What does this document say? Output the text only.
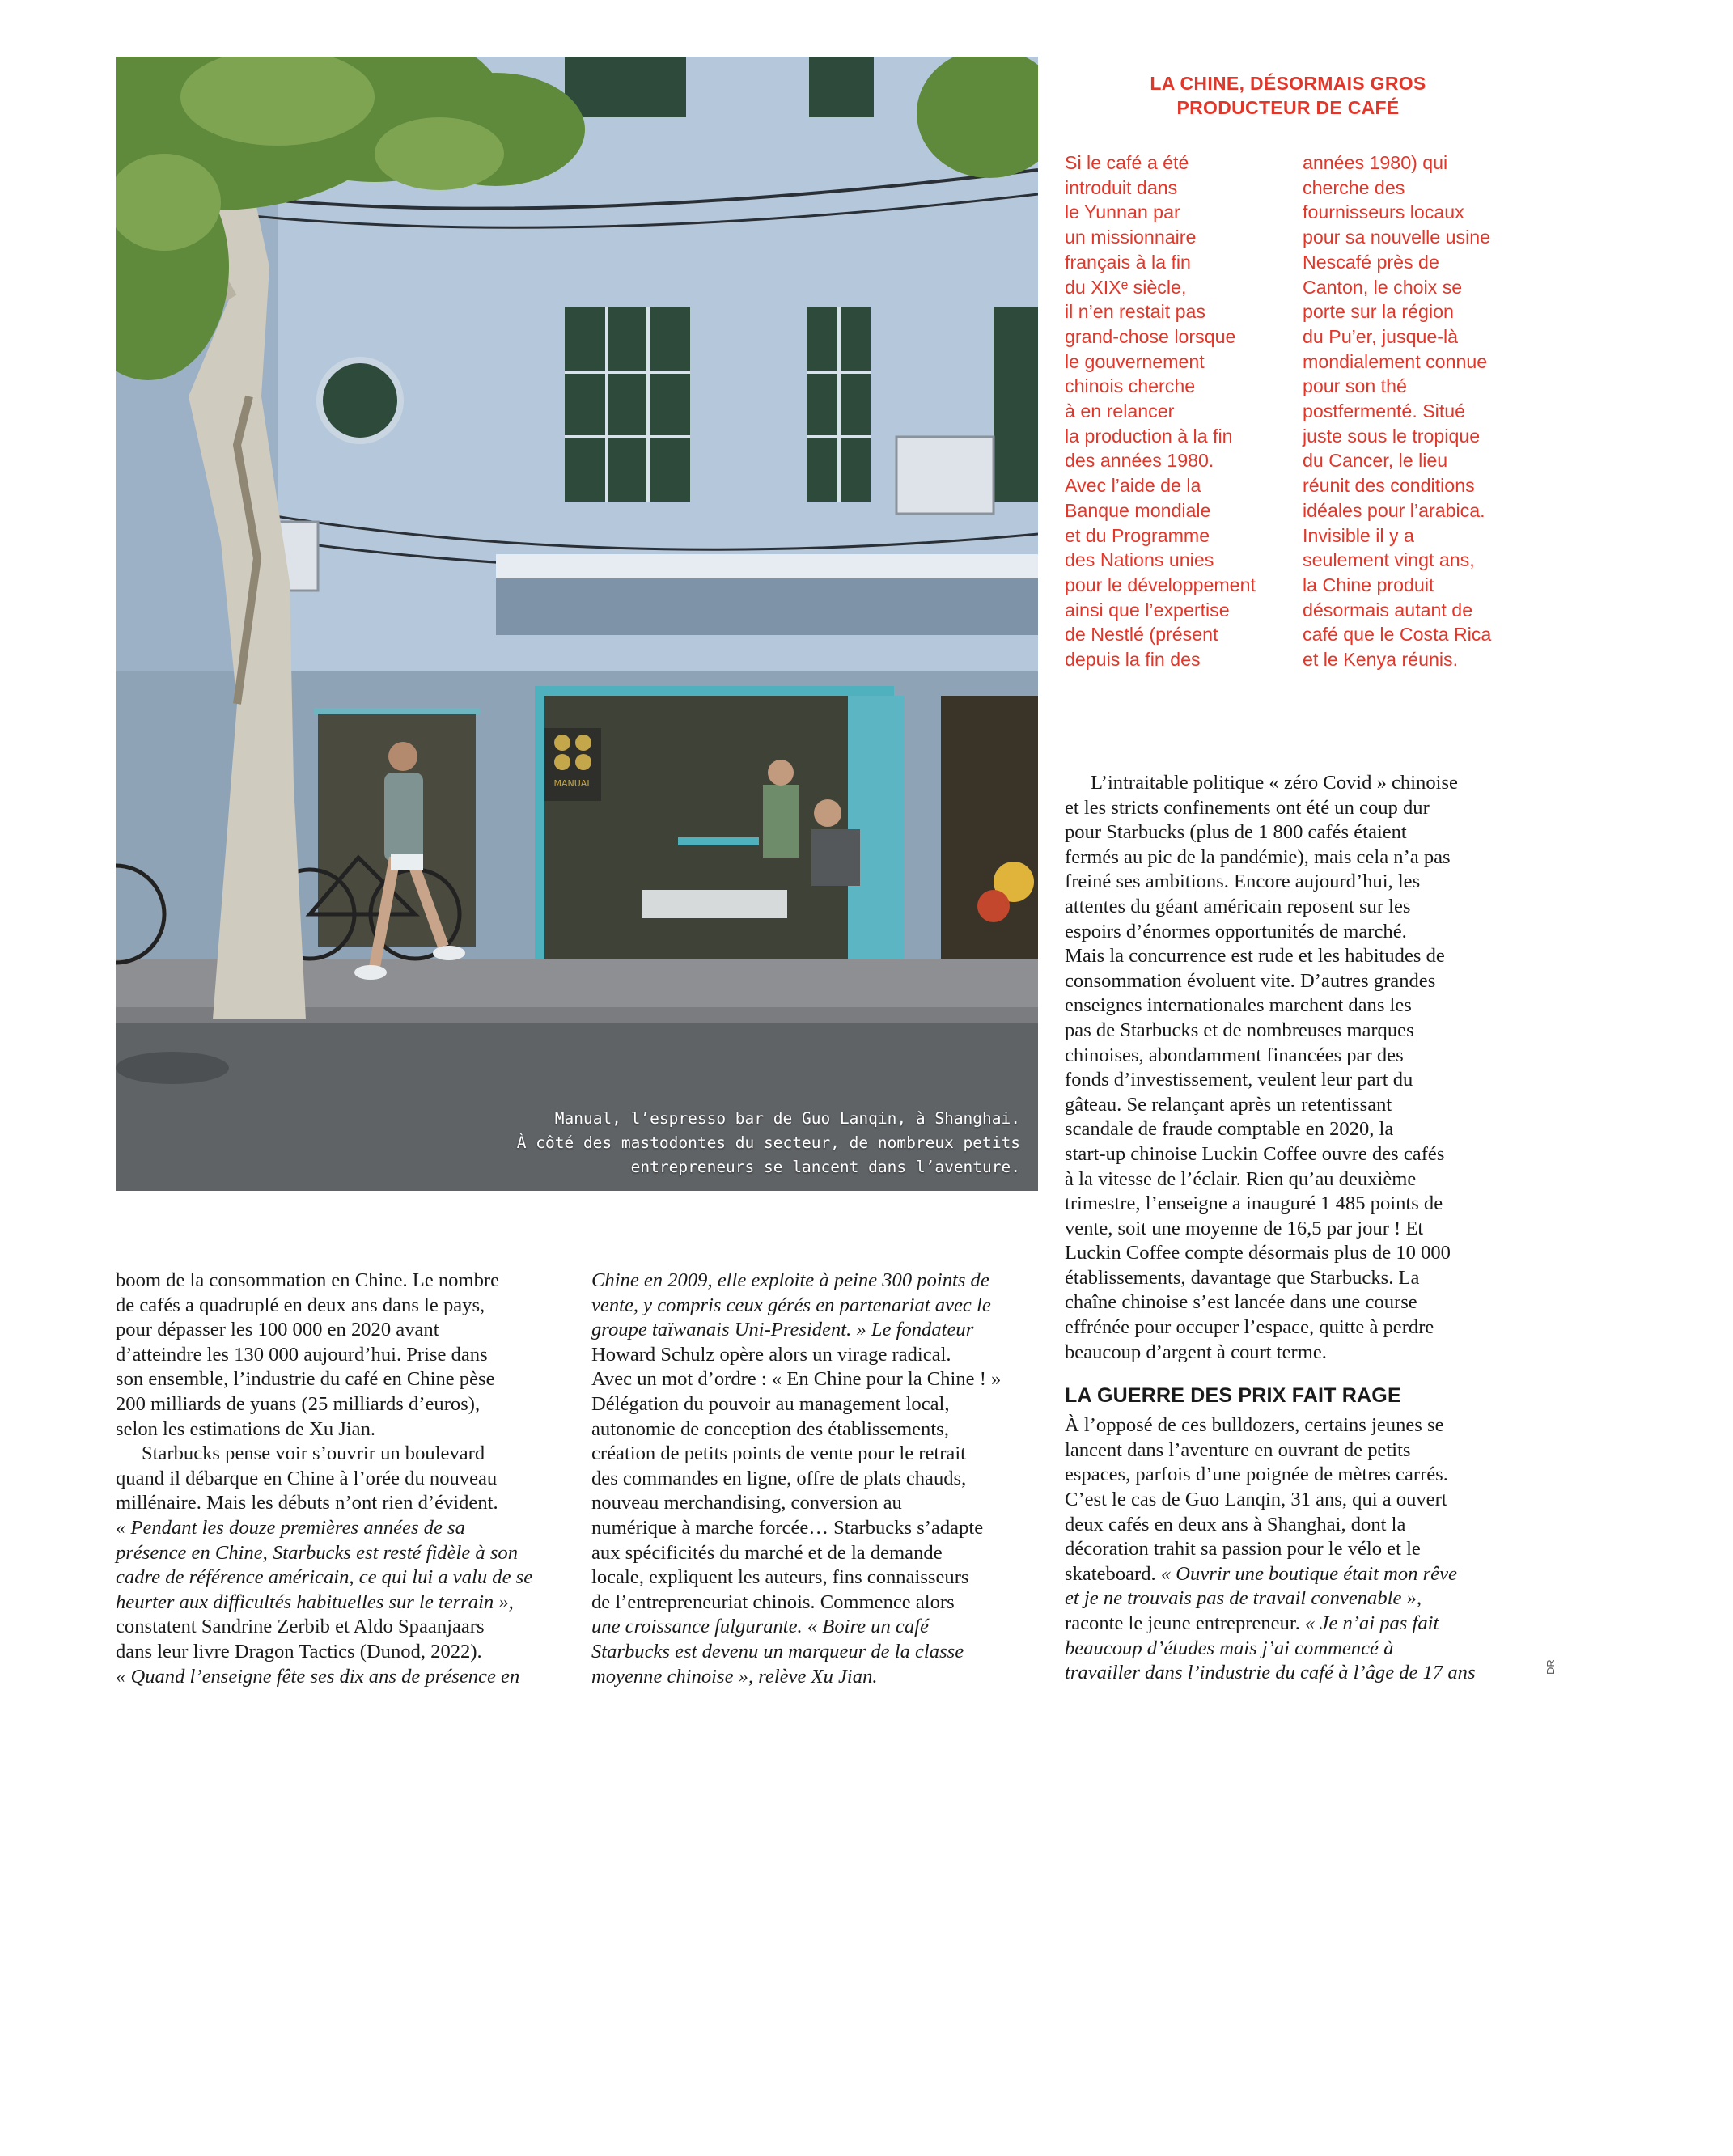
MANUAL

Manual, l’espresso bar de Guo Lanqin, à Shanghai.

À côté des mastodontes du secteur, de nombreux petits

entrepreneurs se lancent dans l’aventure.

LA CHINE, DÉSORMAIS GROS
PRODUCTEUR DE CAFÉ
Si le café a été
introduit dans
le Yunnan par
un missionnaire
français à la fin
du XIXᵉ siècle,
il n’en restait pas
grand-chose lorsque
le gouvernement
chinois cherche
à en relancer
la production à la fin
des années 1980.
Avec l’aide de la
Banque mondiale
et du Programme
des Nations unies
pour le développement
ainsi que l’expertise
de Nestlé (présent
depuis la fin des
années 1980) qui
cherche des
fournisseurs locaux
pour sa nouvelle usine
Nescafé près de
Canton, le choix se
porte sur la région
du Pu’er, jusque-là
mondialement connue
pour son thé
postfermenté. Situé
juste sous le tropique
du Cancer, le lieu
réunit des conditions
idéales pour l’arabica.
Invisible il y a
seulement vingt ans,
la Chine produit
désormais autant de
café que le Costa Rica
et le Kenya réunis.
boom de la consommation en Chine. Le nombre
de cafés a quadruplé en deux ans dans le pays,
pour dépasser les 100 000 en 2020 avant
d’atteindre les 130 000 aujourd’hui. Prise dans
son ensemble, l’industrie du café en Chine pèse
200 milliards de yuans (25 milliards d’euros),
selon les estimations de Xu Jian.
Starbucks pense voir s’ouvrir un boulevard
quand il débarque en Chine à l’orée du nouveau
millénaire. Mais les débuts n’ont rien d’évident.
« Pendant les douze premières années de sa
présence en Chine, Starbucks est resté fidèle à son
cadre de référence américain, ce qui lui a valu de se
heurter aux difficultés habituelles sur le terrain »,
constatent Sandrine Zerbib et Aldo Spaanjaars
dans leur livre Dragon Tactics (Dunod, 2022).
« Quand l’enseigne fête ses dix ans de présence en
Chine en 2009, elle exploite à peine 300 points de
vente, y compris ceux gérés en partenariat avec le
groupe taïwanais Uni-President. » Le fondateur
Howard Schulz opère alors un virage radical.
Avec un mot d’ordre : « En Chine pour la Chine ! »
Délégation du pouvoir au management local,
autonomie de conception des établissements,
création de petits points de vente pour le retrait
des commandes en ligne, offre de plats chauds,
nouveau merchandising, conversion au
numérique à marche forcée… Starbucks s’adapte
aux spécificités du marché et de la demande
locale, expliquent les auteurs, fins connaisseurs
de l’entrepreneuriat chinois. Commence alors
une croissance fulgurante. « Boire un café
Starbucks est devenu un marqueur de la classe
moyenne chinoise », relève Xu Jian.
L’intraitable politique « zéro Covid » chinoise
et les stricts confinements ont été un coup dur
pour Starbucks (plus de 1 800 cafés étaient
fermés au pic de la pandémie), mais cela n’a pas
freiné ses ambitions. Encore aujourd’hui, les
attentes du géant américain reposent sur les
espoirs d’énormes opportunités de marché.
Mais la concurrence est rude et les habitudes de
consommation évoluent vite. D’autres grandes
enseignes internationales marchent dans les
pas de Starbucks et de nombreuses marques
chinoises, abondamment financées par des
fonds d’investissement, veulent leur part du
gâteau. Se relançant après un retentissant
scandale de fraude comptable en 2020, la
start-up chinoise Luckin Coffee ouvre des cafés
à la vitesse de l’éclair. Rien qu’au deuxième
trimestre, l’enseigne a inauguré 1 485 points de
vente, soit une moyenne de 16,5 par jour ! Et
Luckin Coffee compte désormais plus de 10 000
établissements, davantage que Starbucks. La
chaîne chinoise s’est lancée dans une course
effrénée pour occuper l’espace, quitte à perdre
beaucoup d’argent à court terme.
LA GUERRE DES PRIX FAIT RAGE
À l’opposé de ces bulldozers, certains jeunes se
lancent dans l’aventure en ouvrant de petits
espaces, parfois d’une poignée de mètres carrés.
C’est le cas de Guo Lanqin, 31 ans, qui a ouvert
deux cafés en deux ans à Shanghai, dont la
décoration trahit sa passion pour le vélo et le
skateboard. « Ouvrir une boutique était mon rêve
et je ne trouvais pas de travail convenable »,
raconte le jeune entrepreneur. « Je n’ai pas fait
beaucoup d’études mais j’ai commencé à
travailler dans l’industrie du café à l’âge de 17 ans	DR
